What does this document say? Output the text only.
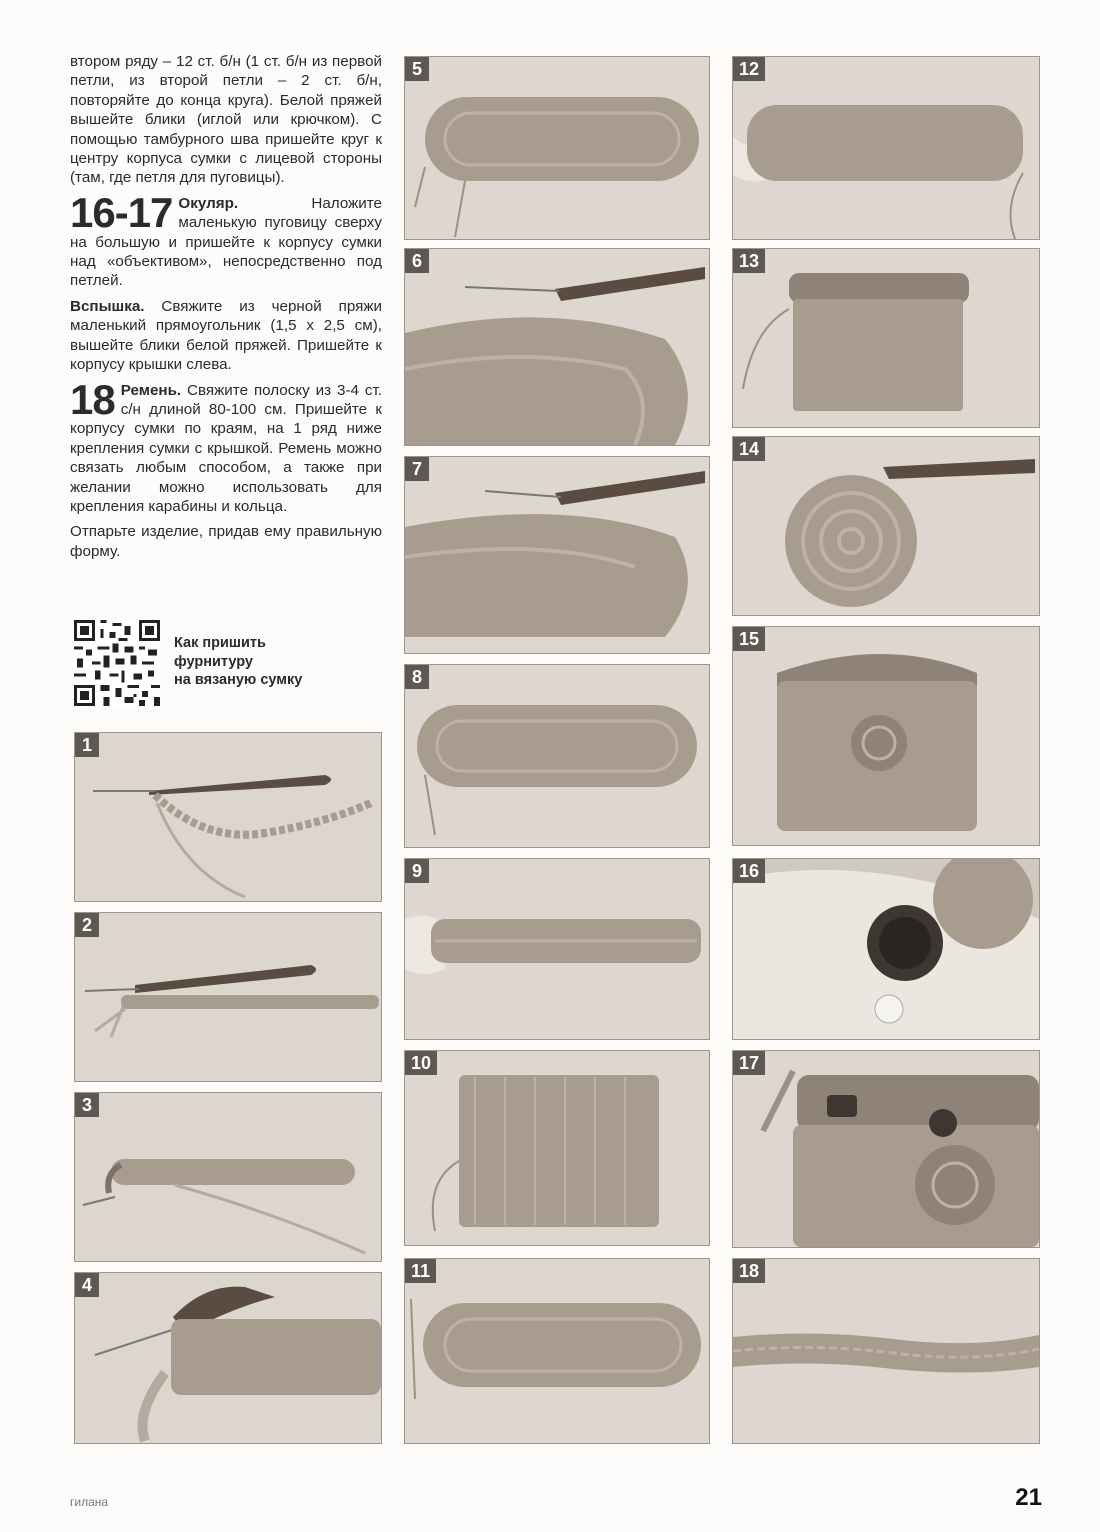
втором ряду – 12 ст. б/н (1 ст. б/н из первой петли, из второй петли – 2 ст. б/н, повторяйте до конца круга). Белой пряжей вышейте блики (иглой или крючком). С помощью тамбурного шва пришейте круг к центру корпуса сумки с лицевой стороны (там, где петля для пуговицы).

16-17 Окуляр. Наложите маленькую пуговицу сверху на большую и пришейте к корпусу сумки над «объективом», непосредственно под петлей.

Вспышка. Свяжите из черной пряжи маленький прямоугольник (1,5 х 2,5 см), вышейте блики белой пряжей. Пришейте к корпусу крышки слева.

18 Ремень. Свяжите полоску из 3-4 ст. с/н длиной 80-100 см. Пришейте к корпусу сумки по краям, на 1 ряд ниже крепления сумки с крышкой. Ремень можно связать любым способом, а также при желании можно использовать для крепления карабины и кольца.

Отпарьте изделие, придав ему правильную форму.

Как пришить
фурнитуру
на вязаную сумку
1
2
3
4
5
6
7
8
9
10
11
12
13
14
15
16
17
18
гилана	21
